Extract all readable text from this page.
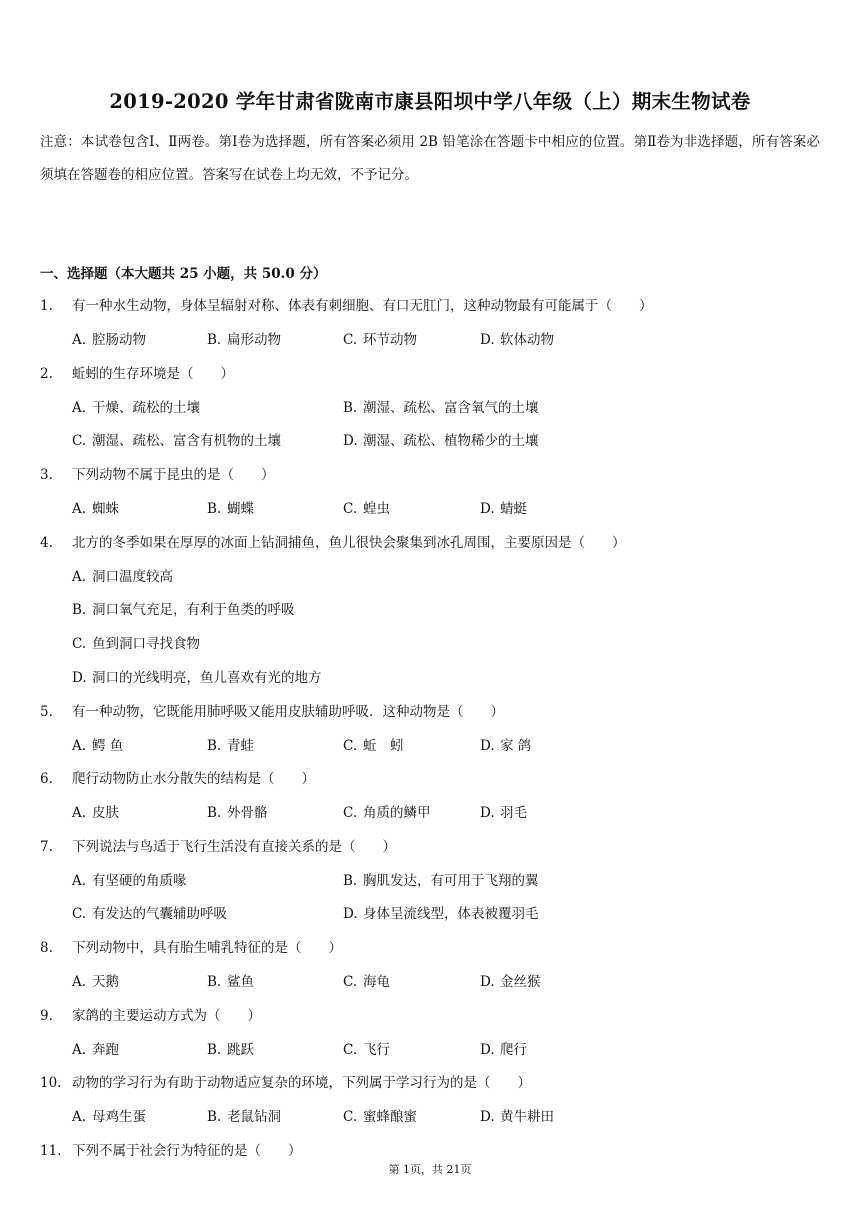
2019-2020 学年甘肃省陇南市康县阳坝中学八年级（上）期末生物试卷
注意：本试卷包含Ⅰ、Ⅱ两卷。第Ⅰ卷为选择题，所有答案必须用 2B 铅笔涂在答题卡中相应的位置。第Ⅱ卷为非选择题，所有答案必须填在答题卷的相应位置。答案写在试卷上均无效，不予记分。
一、选择题（本大题共 25 小题，共 50.0 分）
1. 有一种水生动物，身体呈辐射对称、体表有刺细胞、有口无肛门，这种动物最有可能属于（　　）
A. 腔肠动物	B. 扁形动物	C. 环节动物	D. 软体动物
2. 蚯蚓的生存环境是（　　）
A. 干燥、疏松的土壤	B. 潮湿、疏松、富含氧气的土壤
C. 潮湿、疏松、富含有机物的土壤	D. 潮湿、疏松、植物稀少的土壤
3. 下列动物不属于昆虫的是（　　）
A. 蜘蛛	B. 蝴蝶	C. 蝗虫	D. 蜻蜓
4. 北方的冬季如果在厚厚的冰面上钻洞捕鱼，鱼儿很快会聚集到冰孔周围，主要原因是（　　）
A. 洞口温度较高
B. 洞口氧气充足，有利于鱼类的呼吸
C. 鱼到洞口寻找食物
D. 洞口的光线明亮，鱼儿喜欢有光的地方
5. 有一种动物，它既能用肺呼吸又能用皮肤辅助呼吸．这种动物是（　　）
A. 鳄 鱼	B. 青蛙	C. 蚯　蚓	D. 家 鸽
6. 爬行动物防止水分散失的结构是（　　）
A. 皮肤	B. 外骨骼	C. 角质的鳞甲	D. 羽毛
7. 下列说法与鸟适于飞行生活没有直接关系的是（　　）
A. 有坚硬的角质喙	B. 胸肌发达，有可用于飞翔的翼
C. 有发达的气囊辅助呼吸	D. 身体呈流线型，体表被覆羽毛
8. 下列动物中，具有胎生哺乳特征的是（　　）
A. 天鹅	B. 鲨鱼	C. 海龟	D. 金丝猴
9. 家鸽的主要运动方式为（　　）
A. 奔跑	B. 跳跃	C. 飞行	D. 爬行
10. 动物的学习行为有助于动物适应复杂的环境，下列属于学习行为的是（　　）
A. 母鸡生蛋	B. 老鼠钻洞	C. 蜜蜂酿蜜	D. 黄牛耕田
11. 下列不属于社会行为特征的是（　　）
第 1页，共 21页
